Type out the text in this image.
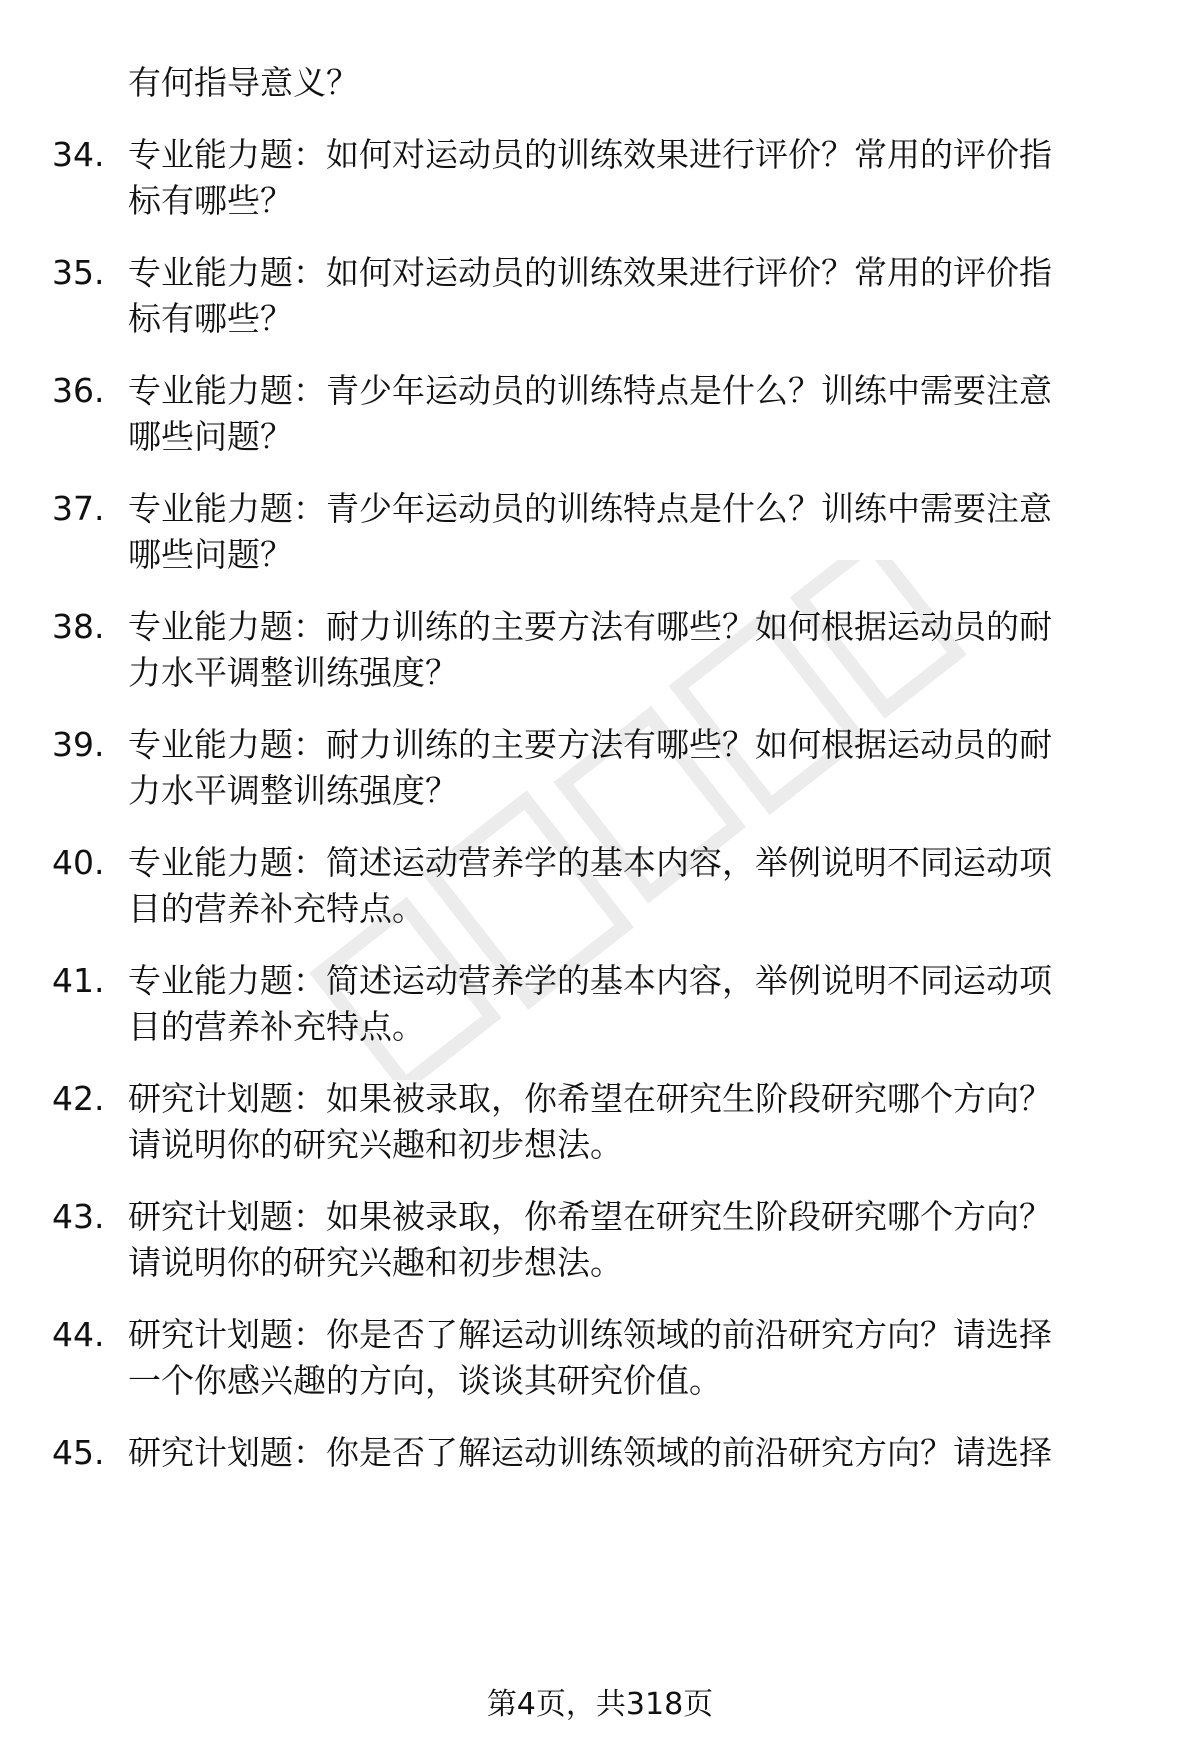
有何指导意义？
34. 专业能力题：如何对运动员的训练效果进行评价？常用的评价指
标有哪些？
35. 专业能力题：如何对运动员的训练效果进行评价？常用的评价指
标有哪些？
36. 专业能力题：青少年运动员的训练特点是什么？训练中需要注意
哪些问题？
37. 专业能力题：青少年运动员的训练特点是什么？训练中需要注意
哪些问题？
38. 专业能力题：耐力训练的主要方法有哪些？如何根据运动员的耐
力水平调整训练强度？
39. 专业能力题：耐力训练的主要方法有哪些？如何根据运动员的耐
力水平调整训练强度？
40. 专业能力题：简述运动营养学的基本内容，举例说明不同运动项
目的营养补充特点。
41. 专业能力题：简述运动营养学的基本内容，举例说明不同运动项
目的营养补充特点。
42. 研究计划题：如果被录取，你希望在研究生阶段研究哪个方向？
请说明你的研究兴趣和初步想法。
43. 研究计划题：如果被录取，你希望在研究生阶段研究哪个方向？
请说明你的研究兴趣和初步想法。
44. 研究计划题：你是否了解运动训练领域的前沿研究方向？请选择
一个你感兴趣的方向，谈谈其研究价值。
45. 研究计划题：你是否了解运动训练领域的前沿研究方向？请选择
第4页，共318页
